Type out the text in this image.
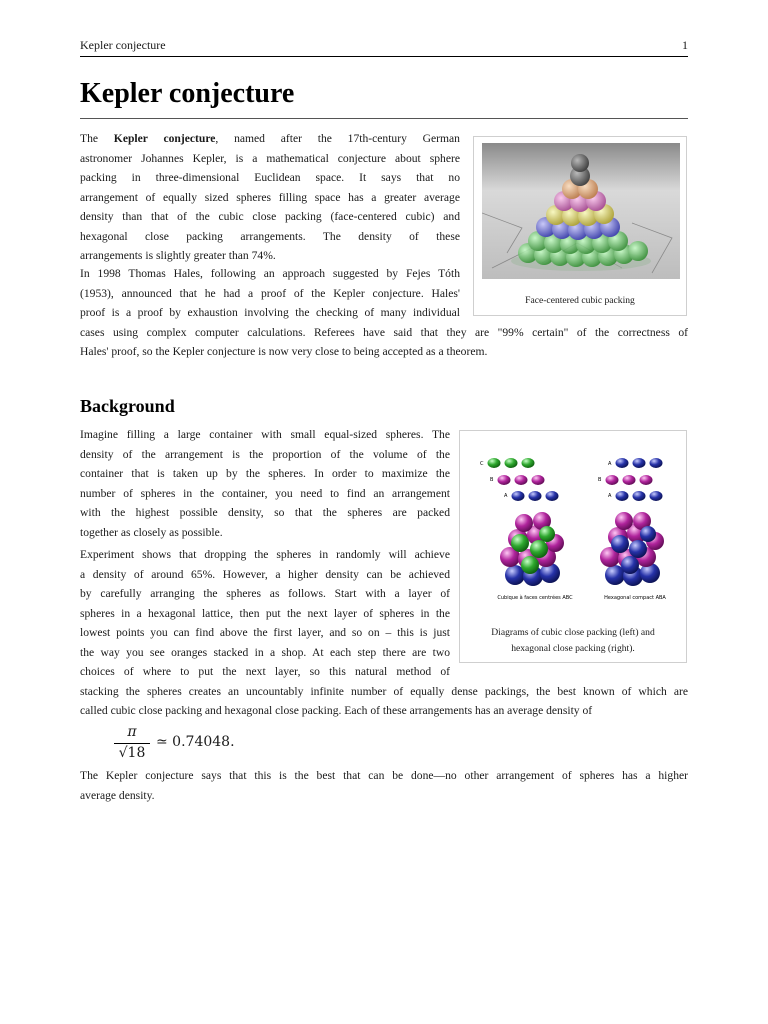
Kepler conjecture	1
Kepler conjecture
The Kepler conjecture, named after the 17th-century German
astronomer Johannes Kepler, is a mathematical conjecture about sphere
packing in three-dimensional Euclidean space. It says that no
arrangement of equally sized spheres filling space has a greater average
density than that of the cubic close packing (face-centered cubic) and
hexagonal close packing arrangements. The density of these
arrangements is slightly greater than 74%.
In 1998 Thomas Hales, following an approach suggested by Fejes Tóth
(1953), announced that he had a proof of the Kepler conjecture. Hales'
proof is a proof by exhaustion involving the checking of many individual
cases using complex computer calculations. Referees have said that they are "99% certain" of the correctness of
Hales' proof, so the Kepler conjecture is now very close to being accepted as a theorem.
Face-centered cubic packing
Background
Imagine filling a large container with small equal-sized spheres. The
density of the arrangement is the proportion of the volume of the
container that is taken up by the spheres. In order to maximize the
number of spheres in the container, you need to find an arrangement
with the highest possible density, so that the spheres are packed
together as closely as possible.
Experiment shows that dropping the spheres in randomly will achieve
a density of around 65%. However, a higher density can be achieved
by carefully arranging the spheres as follows. Start with a layer of
spheres in a hexagonal lattice, then put the next layer of spheres in the
lowest points you can find above the first layer, and so on – this is just
the way you see oranges stacked in a shop. At each step there are two
choices of where to put the next layer, so this natural method of
stacking the spheres creates an uncountably infinite number of equally dense packings, the best known of which are
called cubic close packing and hexagonal close packing. Each of these arrangements has an average density of
π
√18
≃ 0.74048.
The Kepler conjecture says that this is the best that can be done—no other arrangement of spheres has a higher
average density.
C
B
A
A
B
A
Cubique à faces centrées ABC	Hexagonal compact ABA
Diagrams of cubic close packing (left) and
hexagonal close packing (right).
